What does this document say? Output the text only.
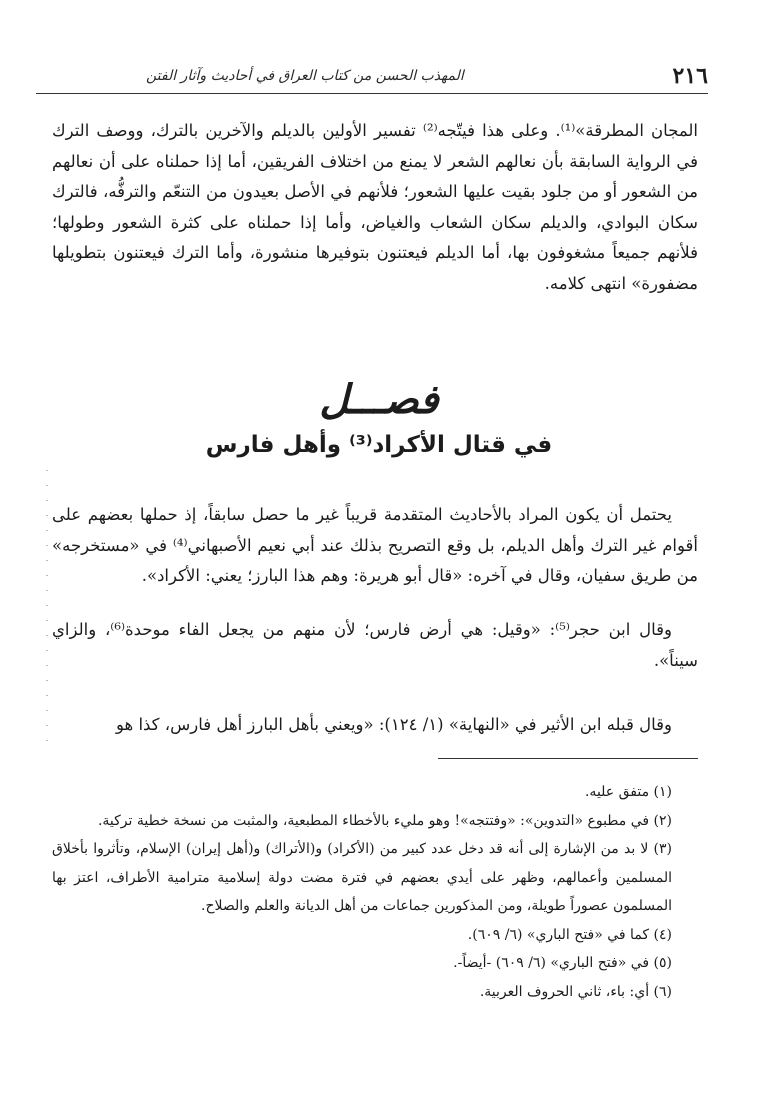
٢١٦
المهذب الحسن من كتاب العراق في أحاديث وآثار الفتن

المجان المطرقة»⁽¹⁾. وعلى هذا فيتّجه⁽²⁾ تفسير الأولين بالديلم والآخرين بالترك، ووصف الترك في الرواية السابقة بأن نعالهم الشعر لا يمنع من اختلاف الفريقين، أما إذا حملناه على أن نعالهم من الشعور أو من جلود بقيت عليها الشعور؛ فلأنهم في الأصل بعيدون من التنعّم والترفُّه، فالترك سكان البوادي، والديلم سكان الشعاب والغياض، وأما إذا حملناه على كثرة الشعور وطولها؛ فلأنهم جميعاً مشغوفون بها، أما الديلم فيعتنون بتوفيرها منشورة، وأما الترك فيعتنون بتطويلها مضفورة» انتهى كلامه.

فصـــل
في قتال الأكراد⁽³⁾ وأهل فارس

يحتمل أن يكون المراد بالأحاديث المتقدمة قريباً غير ما حصل سابقاً، إذ حملها بعضهم على أقوام غير الترك وأهل الديلم، بل وقع التصريح بذلك عند أبي نعيم الأصبهاني⁽⁴⁾ في «مستخرجه» من طريق سفيان، وقال في آخره: «قال أبو هريرة: وهم هذا البارز؛ يعني: الأكراد».

وقال ابن حجر⁽⁵⁾: «وقيل: هي أرض فارس؛ لأن منهم من يجعل الفاء موحدة⁽⁶⁾، والزاي سيناً».

وقال قبله ابن الأثير في «النهاية» (١/ ١٢٤): «ويعني بأهل البارز أهل فارس، كذا هو

(١) متفق عليه.

(٢) في مطبوع «التدوين»: «وفتتجه»! وهو مليء بالأخطاء المطبعية، والمثبت من نسخة خطية تركية.

(٣) لا بد من الإشارة إلى أنه قد دخل عدد كبير من (الأكراد) و(الأتراك) و(أهل إيران) الإسلام، وتأثروا بأخلاق المسلمين وأعمالهم، وظهر على أيدي بعضهم في فترة مضت دولة إسلامية مترامية الأطراف، اعتز بها المسلمون عصوراً طويلة، ومن المذكورين جماعات من أهل الديانة والعلم والصلاح.

(٤) كما في «فتح الباري» (٦/ ٦٠٩).

(٥) في «فتح الباري» (٦/ ٦٠٩) -أيضاً-.

(٦) أي: باء، ثاني الحروف العربية.
